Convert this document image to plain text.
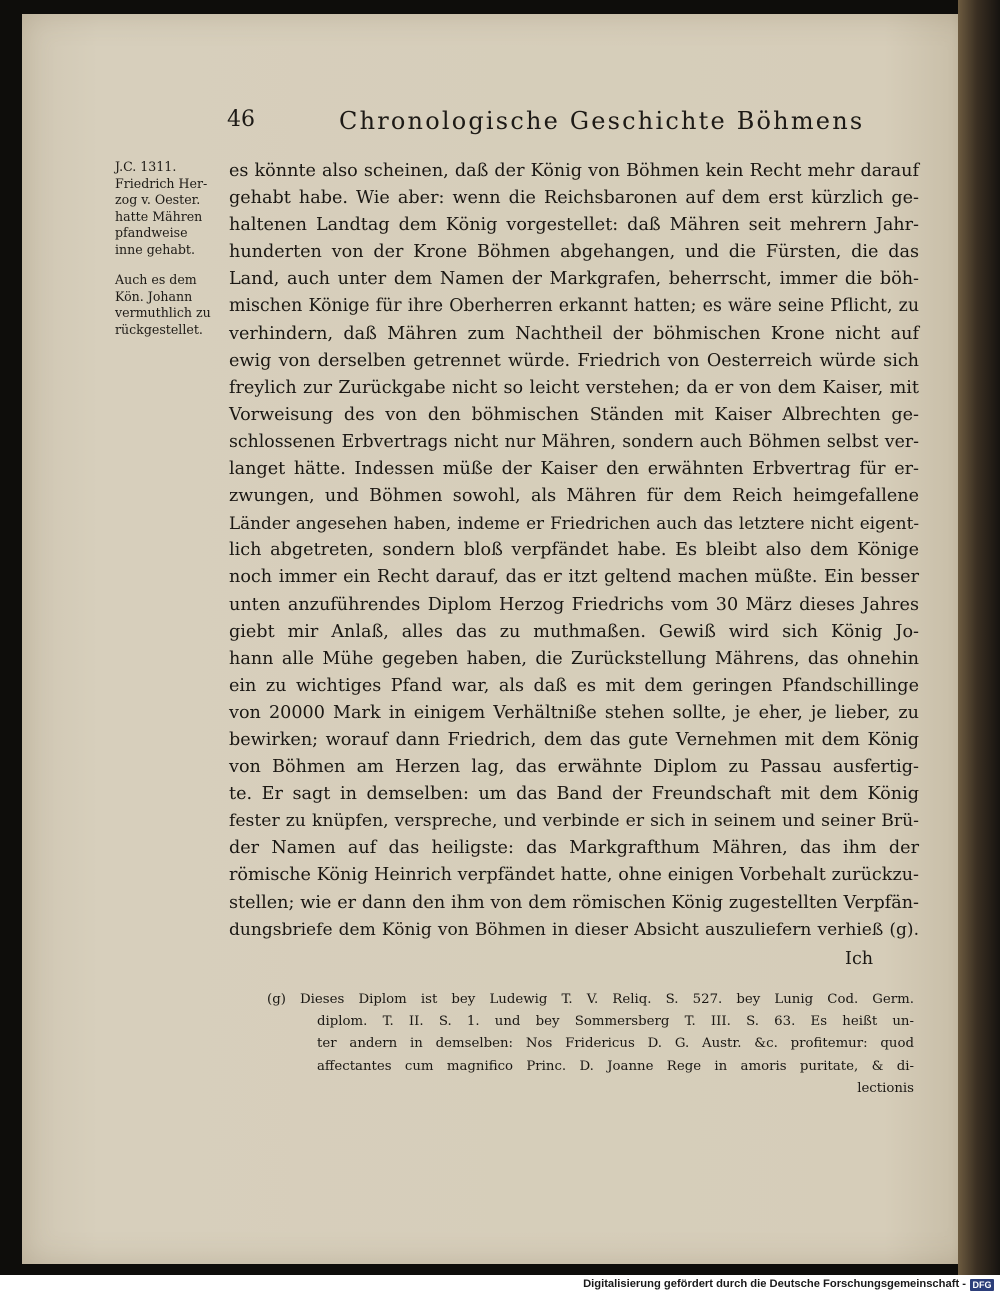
46	Chronologische Geschichte Böhmens
J.C. 1311.
Friedrich Her-
zog v. Oester.
hatte Mähren
pfandweise
inne gehabt.
Auch es dem
Kön. Johann
vermuthlich zu
rückgestellet.
es könnte also scheinen, daß der König von Böhmen kein Recht mehr darauf
gehabt habe. Wie aber: wenn die Reichsbaronen auf dem erst kürzlich ge-
haltenen Landtag dem König vorgestellet: daß Mähren seit mehrern Jahr-
hunderten von der Krone Böhmen abgehangen, und die Fürsten, die das
Land, auch unter dem Namen der Markgrafen, beherrscht, immer die böh-
mischen Könige für ihre Oberherren erkannt hatten; es wäre seine Pflicht, zu
verhindern, daß Mähren zum Nachtheil der böhmischen Krone nicht auf
ewig von derselben getrennet würde. Friedrich von Oesterreich würde sich
freylich zur Zurückgabe nicht so leicht verstehen; da er von dem Kaiser, mit
Vorweisung des von den böhmischen Ständen mit Kaiser Albrechten ge-
schlossenen Erbvertrags nicht nur Mähren, sondern auch Böhmen selbst ver-
langet hätte. Indessen müße der Kaiser den erwähnten Erbvertrag für er-
zwungen, und Böhmen sowohl, als Mähren für dem Reich heimgefallene
Länder angesehen haben, indeme er Friedrichen auch das letztere nicht eigent-
lich abgetreten, sondern bloß verpfändet habe. Es bleibt also dem Könige
noch immer ein Recht darauf, das er itzt geltend machen müßte. Ein besser
unten anzuführendes Diplom Herzog Friedrichs vom 30 März dieses Jahres
giebt mir Anlaß, alles das zu muthmaßen. Gewiß wird sich König Jo-
hann alle Mühe gegeben haben, die Zurückstellung Mährens, das ohnehin
ein zu wichtiges Pfand war, als daß es mit dem geringen Pfandschillinge
von 20000 Mark in einigem Verhältniße stehen sollte, je eher, je lieber, zu
bewirken; worauf dann Friedrich, dem das gute Vernehmen mit dem König
von Böhmen am Herzen lag, das erwähnte Diplom zu Passau ausfertig-
te. Er sagt in demselben: um das Band der Freundschaft mit dem König
fester zu knüpfen, verspreche, und verbinde er sich in seinem und seiner Brü-
der Namen auf das heiligste: das Markgrafthum Mähren, das ihm der
römische König Heinrich verpfändet hatte, ohne einigen Vorbehalt zurückzu-
stellen; wie er dann den ihm von dem römischen König zugestellten Verpfän-
dungsbriefe dem König von Böhmen in dieser Absicht auszuliefern verhieß (g).
Ich
(g) Dieses Diplom ist bey Ludewig T. V. Reliq. S. 527. bey Lunig Cod. Germ.
diplom. T. II. S. 1. und bey Sommersberg T. III. S. 63. Es heißt un-
ter andern in demselben: Nos Fridericus D. G. Austr. &c. profitemur: quod
affectantes cum magnifico Princ. D. Joanne Rege in amoris puritate, & di-
lectionis
Digitalisierung gefördert durch die Deutsche Forschungsgemeinschaft - DFG
